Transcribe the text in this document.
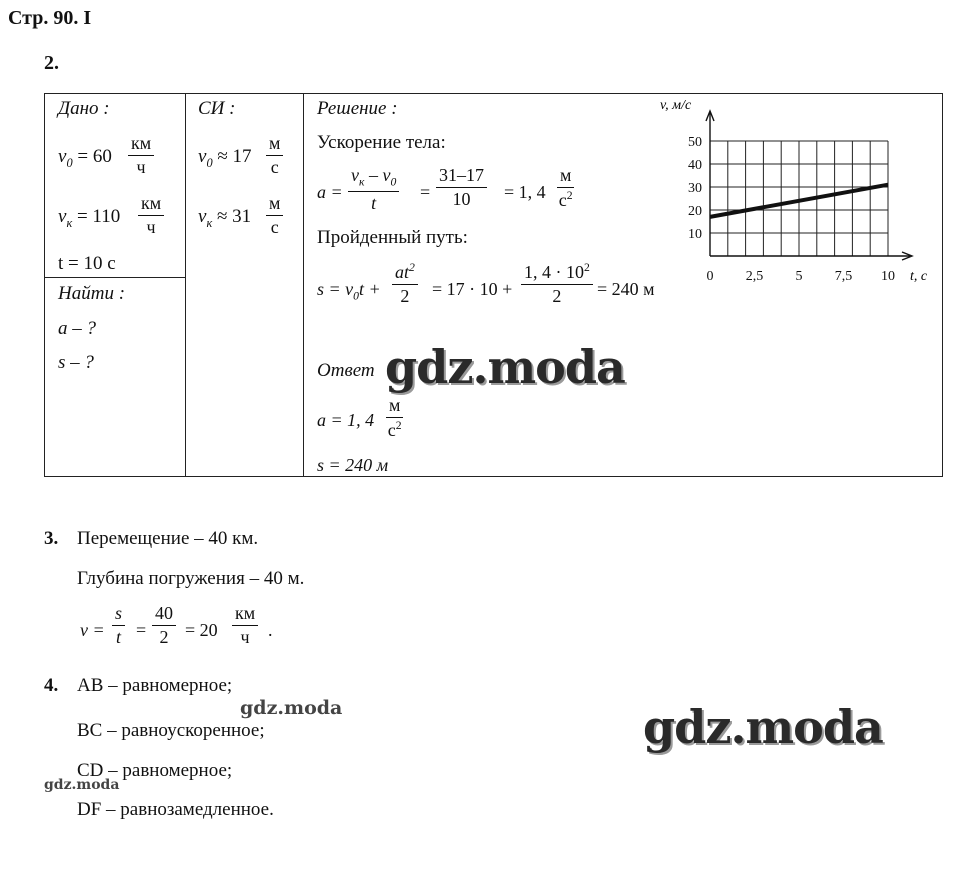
Стр. 90. I
2.
Дано :
$v_0 = 60$
км
ч
$v_к = 110$
км
ч
t = 10 с
Найти :
a – ?
s – ?
СИ :
$v_0 \approx 17$
м
с
$v_к \approx 31$
м
с
Решение :
Ускорение тела:
a =
$v_к - v_0$
t
= $\frac{31-17}{10} = 1$, 4
м
$с^2$
Пройденный путь:
$s = v_0t + \frac{at^2}{2} = 17 \cdot 10 + \frac{1, 4 \cdot 10^2}{2} = 240$ м
Ответ
a = 1, 4
м
$с^2$
s = 240 м
10
20
30
40
50
0 2,5 5 7,5 10
v, м/с
t, с
gdz.moda
3. Перемещение – 40 км.
Глубина погружения – 40 м.
$v = \frac{s}{t} = \frac{40}{2} = 20$
км
ч	.
4. AB – равномерное;
BC – равноускоренное;
CD – равномерное;
DF – равнозамедленное.
gdz.moda
gdz.moda
gdz.moda
